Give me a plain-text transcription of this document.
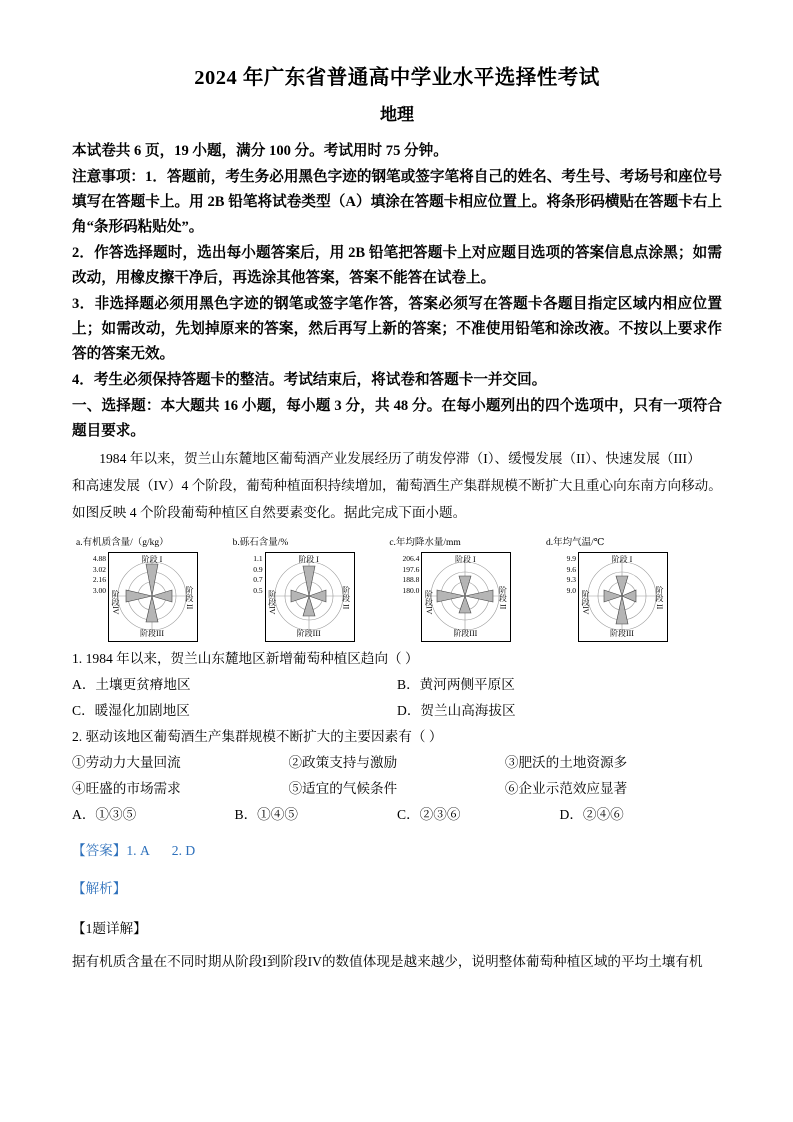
2024 年广东省普通高中学业水平选择性考试
地理

本试卷共 6 页，19 小题，满分 100 分。考试用时 75 分钟。

注意事项：1．答题前，考生务必用黑色字迹的钢笔或签字笔将自己的姓名、考生号、考场号和座位号填写在答题卡上。用 2B 铅笔将试卷类型（A）填涂在答题卡相应位置上。将条形码横贴在答题卡右上角“条形码粘贴处”。

2．作答选择题时，选出每小题答案后，用 2B 铅笔把答题卡上对应题目选项的答案信息点涂黑；如需改动，用橡皮擦干净后，再选涂其他答案，答案不能答在试卷上。

3．非选择题必须用黑色字迹的钢笔或签字笔作答，答案必须写在答题卡各题目指定区域内相应位置上；如需改动，先划掉原来的答案，然后再写上新的答案；不准使用铅笔和涂改液。不按以上要求作答的答案无效。

4．考生必须保持答题卡的整洁。考试结束后，将试卷和答题卡一并交回。

一、选择题：本大题共 16 小题，每小题 3 分，共 48 分。在每小题列出的四个选项中，只有一项符合题目要求。

1984 年以来，贺兰山东麓地区葡萄酒产业发展经历了萌发停滞（I）、缓慢发展（II）、快速发展（III）

和高速发展（IV）4 个阶段，葡萄种植面积持续增加，葡萄酒生产集群规模不断扩大且重心向东南方向移动。

如图反映 4 个阶段葡萄种植区自然要素变化。据此完成下面小题。

a.有机质含量/（g/kg）
4.88
3.02
2.16
3.00
阶段 I
阶段IV	阶段 II
阶段III
b.砾石含量/%
1.1
0.9
0.7
0.5
阶段 I
阶段IV	阶段 II
阶段III
c.年均降水量/mm
206.4
197.6
188.8
180.0
阶段 I
阶段IV	阶段 II
阶段III
d.年均气温/℃
9.9
9.6
9.3
9.0
阶段 I
阶段IV	阶段 II
阶段III

1. 1984 年以来，贺兰山东麓地区新增葡萄种植区趋向（ ）

A．土壤更贫瘠地区	B．黄河两侧平原区
C．暖湿化加剧地区	D．贺兰山高海拔区

2. 驱动该地区葡萄酒生产集群规模不断扩大的主要因素有（ ）

①劳动力大量回流	②政策支持与激励	③肥沃的土地资源多
④旺盛的市场需求	⑤适宜的气候条件	⑥企业示范效应显著
A．①③⑤	B．①④⑤	C．②③⑥	D．②④⑥
【答案】1. A 2. D
【解析】
【1题详解】
据有机质含量在不同时期从阶段I到阶段IV的数值体现是越来越少，说明整体葡萄种植区域的平均土壤有机
